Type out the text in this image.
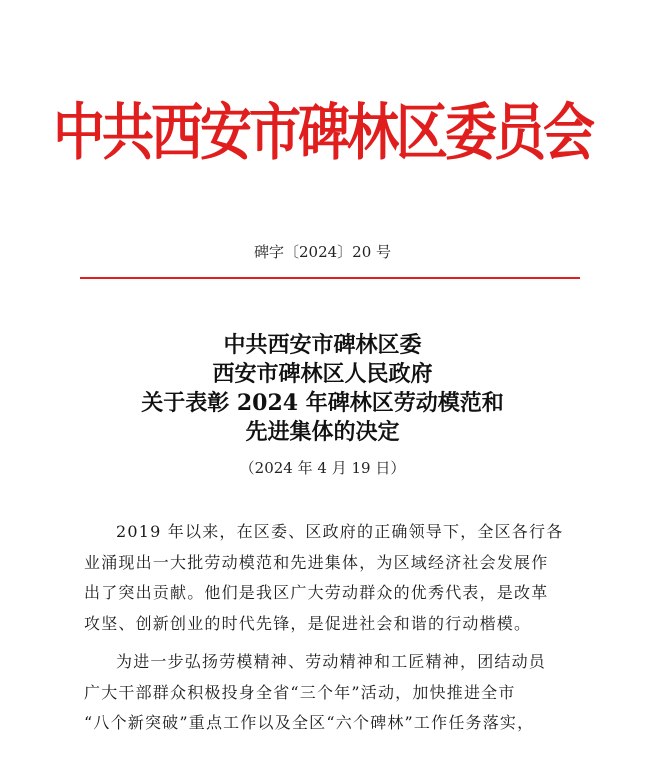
中共西安市碑林区委员会
碑字〔2024〕20 号
中共西安市碑林区委
西安市碑林区人民政府
关于表彰 2024 年碑林区劳动模范和
先进集体的决定
（2024 年 4 月 19 日）
2019 年以来，在区委、区政府的正确领导下，全区各行各
业涌现出一大批劳动模范和先进集体，为区域经济社会发展作
出了突出贡献。他们是我区广大劳动群众的优秀代表，是改革
攻坚、创新创业的时代先锋，是促进社会和谐的行动楷模。
为进一步弘扬劳模精神、劳动精神和工匠精神，团结动员
广大干部群众积极投身全省“三个年”活动，加快推进全市
“八个新突破”重点工作以及全区“六个碑林”工作任务落实，
